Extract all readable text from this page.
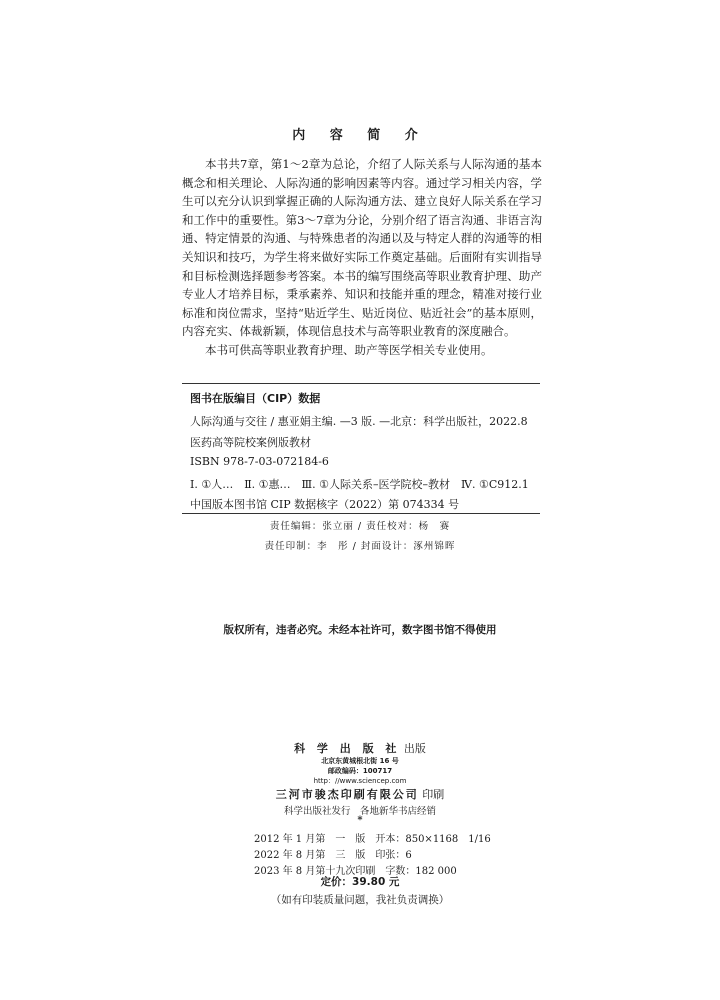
内 容 简 介

本书共7章，第1～2章为总论，介绍了人际关系与人际沟通的基本概念和相关理论、人际沟通的影响因素等内容。通过学习相关内容，学生可以充分认识到掌握正确的人际沟通方法、建立良好人际关系在学习和工作中的重要性。第3～7章为分论，分别介绍了语言沟通、非语言沟通、特定情景的沟通、与特殊患者的沟通以及与特定人群的沟通等的相关知识和技巧，为学生将来做好实际工作奠定基础。后面附有实训指导和目标检测选择题参考答案。本书的编写围绕高等职业教育护理、助产专业人才培养目标，秉承素养、知识和技能并重的理念，精准对接行业标准和岗位需求，坚持“贴近学生、贴近岗位、贴近社会”的基本原则，内容充实、体裁新颖，体现信息技术与高等职业教育的深度融合。

本书可供高等职业教育护理、助产等医学相关专业使用。

图书在版编目（CIP）数据
人际沟通与交往 / 惠亚娟主编. —3 版. —北京：科学出版社，2022.8
医药高等院校案例版教材
ISBN 978-7-03-072184-6
Ⅰ. ①人…　Ⅱ. ①惠…　Ⅲ. ①人际关系–医学院校–教材　Ⅳ. ①C912.1
中国版本图书馆 CIP 数据核字（2022）第 074334 号
责任编辑：张立丽 / 责任校对：杨　赛
责任印制：李　彤 / 封面设计：涿州锦晖
版权所有，违者必究。未经本社许可，数字图书馆不得使用
科 学 出 版 社 出版
北京东黄城根北街 16 号
邮政编码：100717
http：//www.sciencep.com
三河市骏杰印刷有限公司 印刷
科学出版社发行　各地新华书店经销
*
2012 年 1 月第　一　版　开本：850×1168　1/16
2022 年 8 月第　三　版　印张：6
2023 年 8 月第十九次印刷　字数：182 000
定价：39.80 元
（如有印装质量问题，我社负责调换）
